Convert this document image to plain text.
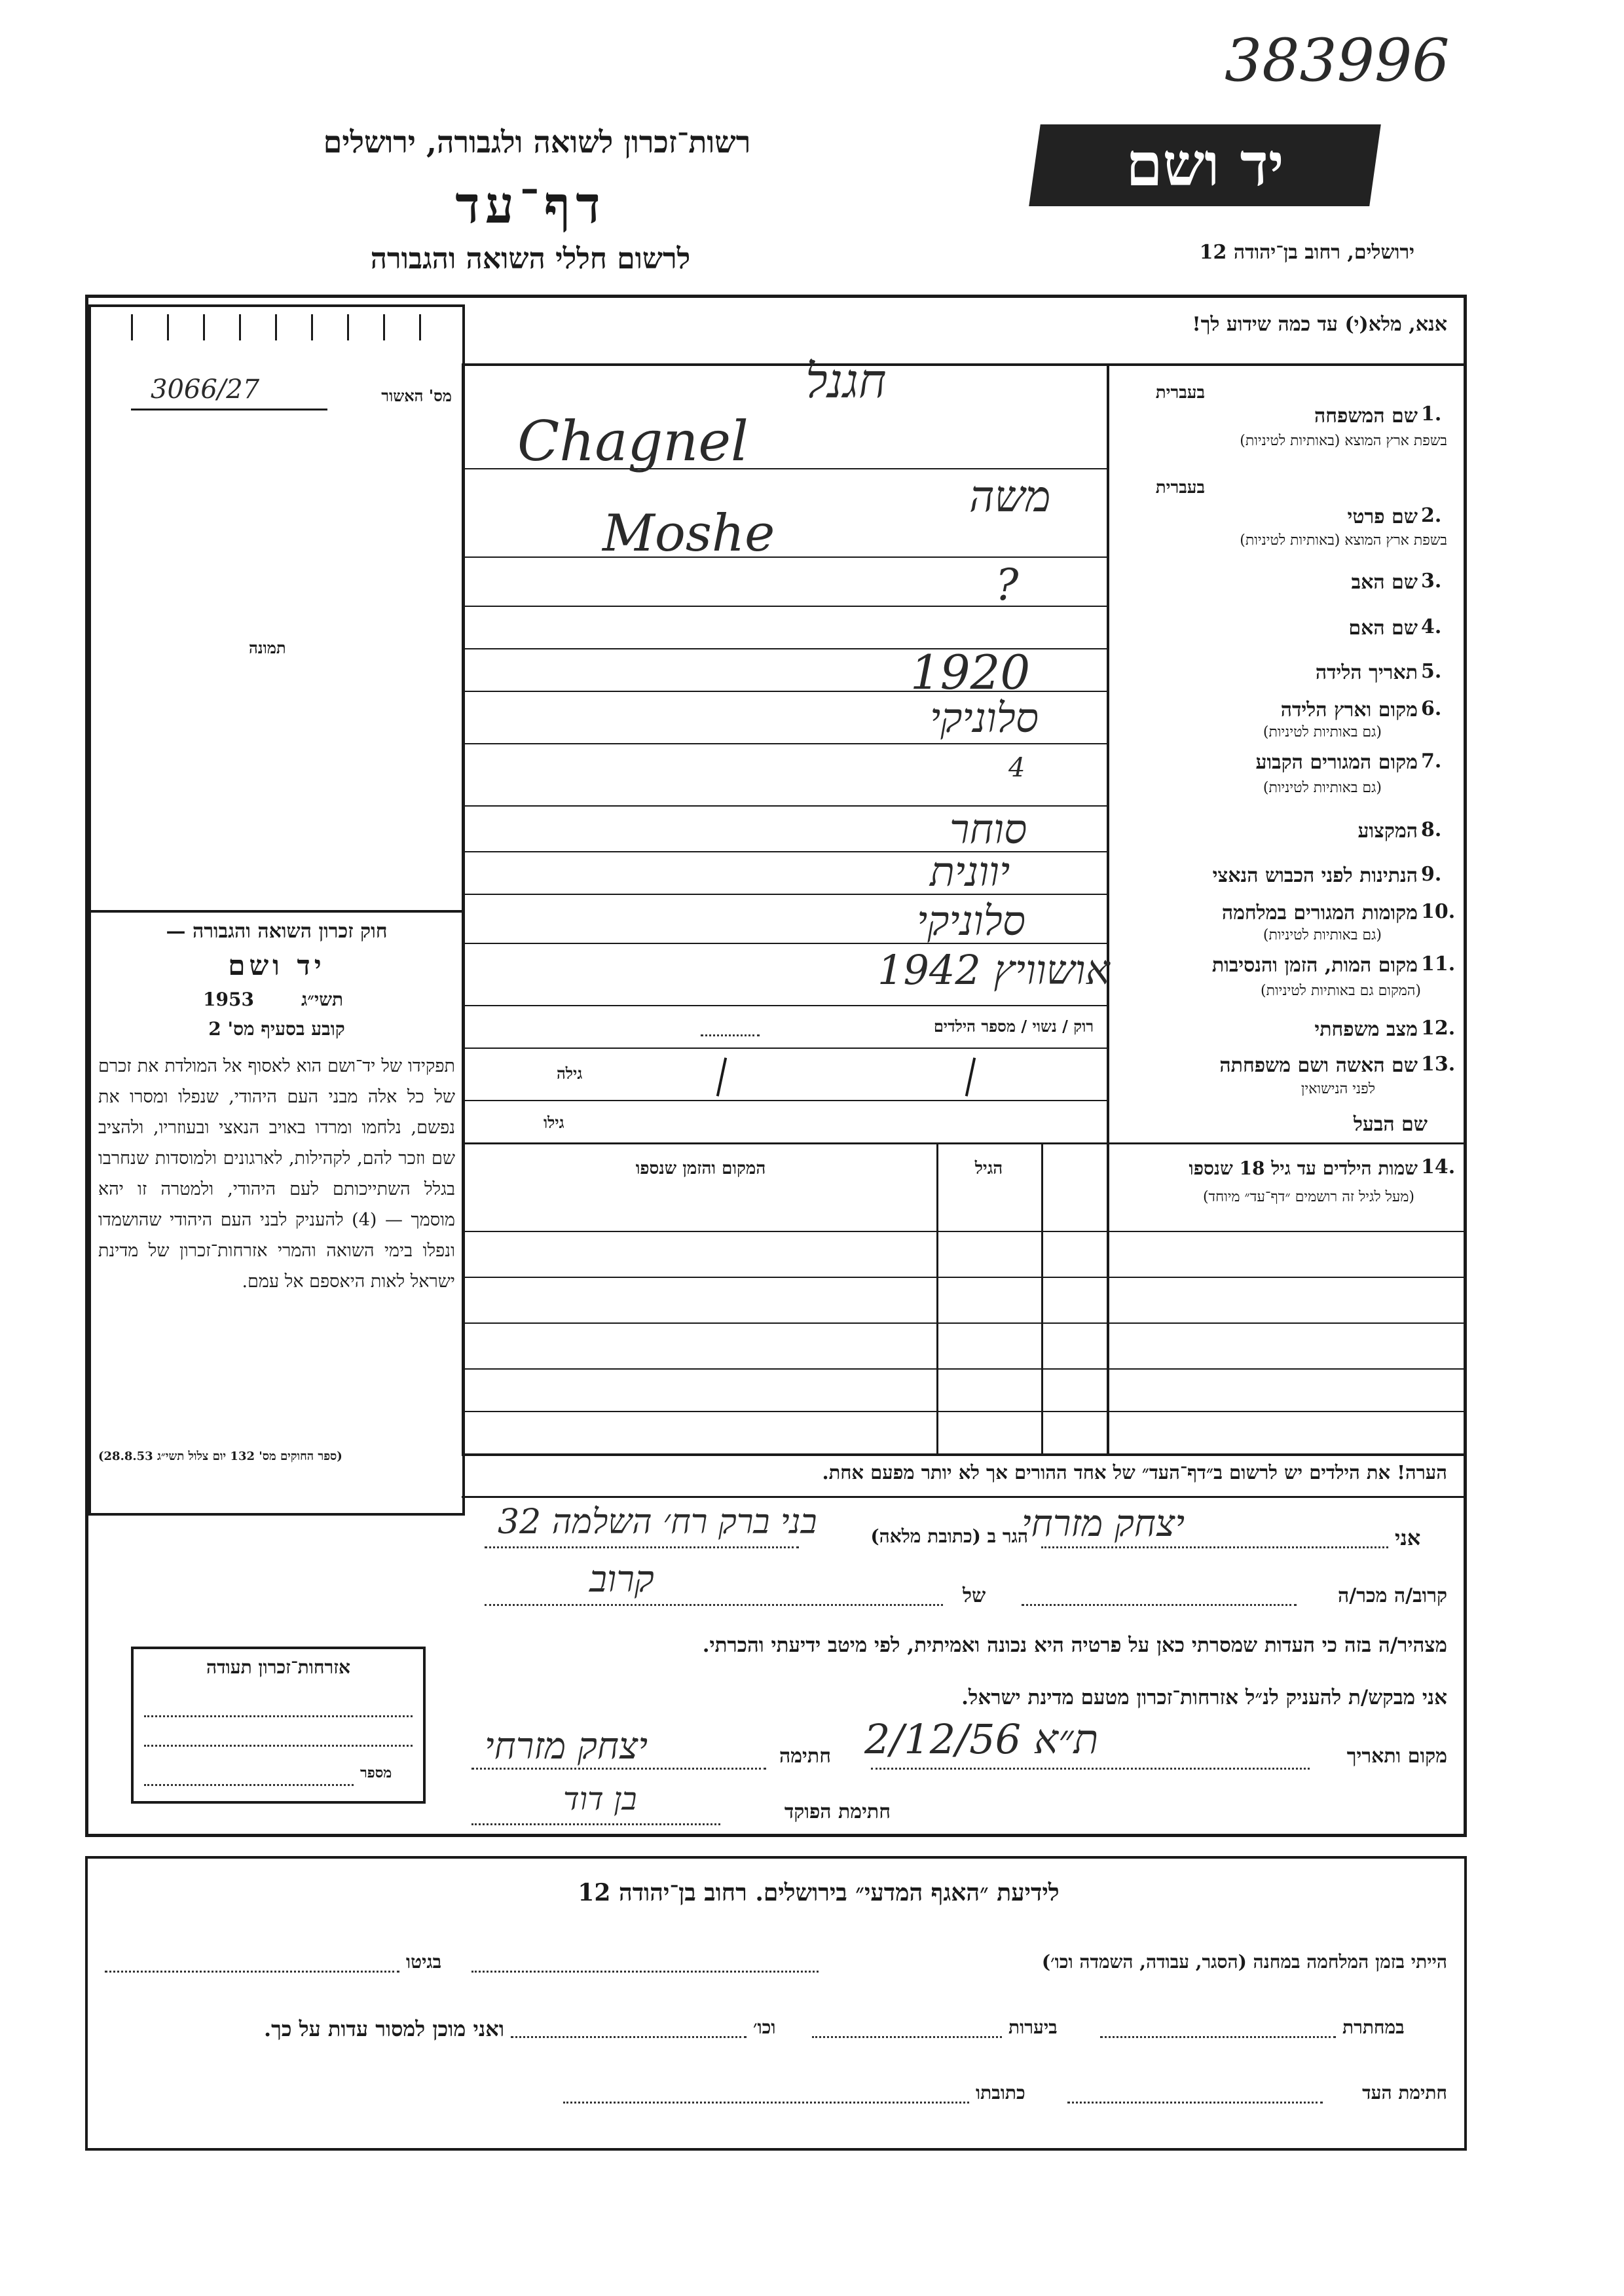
383996
רשות־זכרון לשואה ולגבורה, ירושלים
דף־עד
לרשום חללי השואה והגבורה
יד ושם
ירושלים, רחוב בן־יהודה 12
אנא, מלא(י) עד כמה שידוע לך!
מס' האשור
3066/27
תמונה
חוק זכרון השואה והגבורה —
יד ושם
תשי״ג
1953
קובע בסעיף מס' 2
תפקידו של יד־ושם הוא לאסוף אל המולדת את זכרם של כל אלה מבני העם היהודי, שנפלו ומסרו את נפשם, נלחמו ומרדו באויב הנאצי ובעוזריו, ולהציב שם וזכר להם, לקהילות, לארגונים ולמוסדות שנחרבו בגלל השתייכותם לעם היהודי, ולמטרה זו יהא מוסמך — (4) להעניק לבני העם היהודי שהושמדו ונפלו בימי השואה והמרי אזרחות־זכרון של מדינת ישראל לאות היאספם אל עמם.
(ספר החוקים מס' 132 יום צלול תשי״ג 28.8.53)
אזרחות־זכרון תעודה
מספר
בעברית
1.
שם המשפחה
בשפת ארץ המוצא (באותיות לטיניות)
חגנל
Chagnel
בעברית
2.
שם פרטי
בשפת ארץ המוצא (באותיות לטיניות)
משה
Moshe
3.
שם האב
?
4.
שם האם
5.
תאריך הלידה
1920
6.
מקום וארץ הלידה
(גם באותיות לטיניות)
סלוניקי
7.
מקום המגורים הקבוע
(גם באותיות לטיניות)
4
8.
המקצוע
סוחר
9.
הנתינות לפני הכבוש הנאצי
יוונית
10.
מקומות המגורים במלחמה
(גם באותיות לטיניות)
סלוניקי
11.
מקום המות, הזמן והנסיבות
(המקום גם באותיות לטיניות)
אושוויץ 1942
12.
מצב משפחתי
רוק / נשוי / מספר הילדים
13.
שם האשה ושם משפחתה
לפני הנישואין
גילה
שם הבעל
גילו
14.
שמות הילדים עד גיל 18 שנספו
(מעל לגיל זה רושמים ״דף־עד״ מיוחד)
הגיל
המקום והזמן שנספו
הערה! את הילדים יש לרשום ב״דף־העד״ של אחד ההורים אך לא יותר מפעם אחת.
אני
יצחק מזרחי
הגר ב (כתובת מלאה)
בני ברק רח׳ השלמה 32
קרוב/ה מכר/ה
של
קרוב
מצהיר/ה בזה כי העדות שמסרתי כאן על פרטיה היא נכונה ואמיתית, לפי מיטב ידיעתי והכרתי.
אני מבקש/ת להעניק לנ״ל אזרחות־זכרון מטעם מדינת ישראל.
מקום ותאריך
ת״א 2/12/56
חתימה
יצחק מזרחי
חתימת הפוקד
בן דוד
לידיעת ״האגף המדעי״ בירושלים. רחוב בן־יהודה 12
הייתי בזמן המלחמה במחנה (הסגר, עבודה, השמדה וכו׳)
בגיטו
במחתרת
ביערות
וכו׳
ואני מוכן למסור עדות על כך.
חתימת העד
כתובתו
